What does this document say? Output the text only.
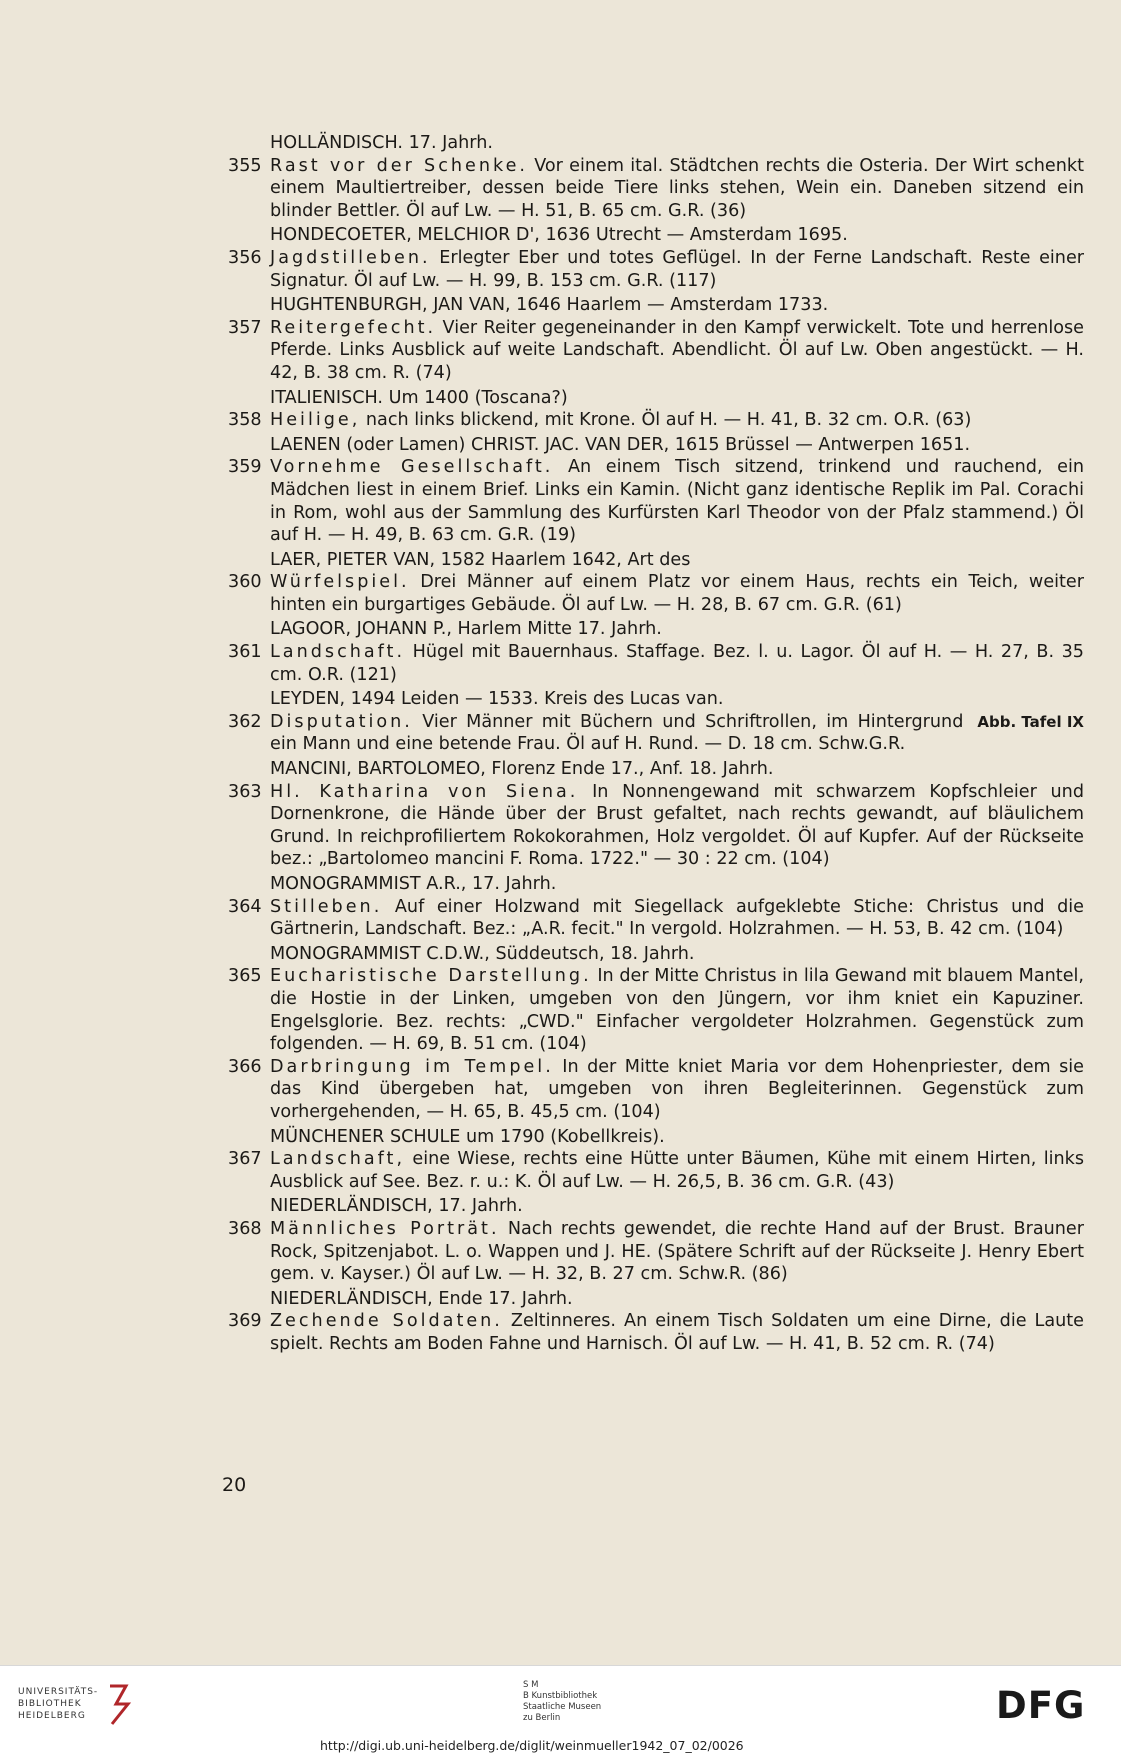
HOLLÄNDISCH. 17. Jahrh.
355 Rast vor der Schenke. Vor einem ital. Städtchen rechts die Osteria. Der Wirt schenkt einem Maultiertreiber, dessen beide Tiere links stehen, Wein ein. Daneben sitzend ein blinder Bettler. Öl auf Lw. — H. 51, B. 65 cm. G.R. (36)
HONDECOETER, MELCHIOR D', 1636 Utrecht — Amsterdam 1695.
356 Jagdstilleben. Erlegter Eber und totes Geflügel. In der Ferne Landschaft. Reste einer Signatur. Öl auf Lw. — H. 99, B. 153 cm. G.R. (117)
HUGHTENBURGH, JAN VAN, 1646 Haarlem — Amsterdam 1733.
357 Reitergefecht. Vier Reiter gegeneinander in den Kampf verwickelt. Tote und herrenlose Pferde. Links Ausblick auf weite Landschaft. Abendlicht. Öl auf Lw. Oben angestückt. — H. 42, B. 38 cm. R. (74)
ITALIENISCH. Um 1400 (Toscana?)
358 Heilige, nach links blickend, mit Krone. Öl auf H. — H. 41, B. 32 cm. O.R. (63)
LAENEN (oder Lamen) CHRIST. JAC. VAN DER, 1615 Brüssel — Antwerpen 1651.
359 Vornehme Gesellschaft. An einem Tisch sitzend, trinkend und rauchend, ein Mädchen liest in einem Brief. Links ein Kamin. (Nicht ganz identische Replik im Pal. Corachi in Rom, wohl aus der Sammlung des Kurfürsten Karl Theodor von der Pfalz stammend.) Öl auf H. — H. 49, B. 63 cm. G.R. (19)
LAER, PIETER VAN, 1582 Haarlem 1642, Art des
360 Würfelspiel. Drei Männer auf einem Platz vor einem Haus, rechts ein Teich, weiter hinten ein burgartiges Gebäude. Öl auf Lw. — H. 28, B. 67 cm. G.R. (61)
LAGOOR, JOHANN P., Harlem Mitte 17. Jahrh.
361 Landschaft. Hügel mit Bauernhaus. Staffage. Bez. l. u. Lagor. Öl auf H. — H. 27, B. 35 cm. O.R. (121)
LEYDEN, 1494 Leiden — 1533. Kreis des Lucas van.
362	Abb. Tafel IX
Disputation. Vier Männer mit Büchern und Schriftrollen, im Hintergrund ein Mann und eine betende Frau. Öl auf H. Rund. — D. 18 cm. Schw.G.R.
MANCINI, BARTOLOMEO, Florenz Ende 17., Anf. 18. Jahrh.
363 Hl. Katharina von Siena. In Nonnengewand mit schwarzem Kopfschleier und Dornenkrone, die Hände über der Brust gefaltet, nach rechts gewandt, auf bläulichem Grund. In reichprofiliertem Rokokorahmen, Holz vergoldet. Öl auf Kupfer. Auf der Rückseite bez.: „Bartolomeo mancini F. Roma. 1722." — 30 : 22 cm. (104)
MONOGRAMMIST A.R., 17. Jahrh.
364 Stilleben. Auf einer Holzwand mit Siegellack aufgeklebte Stiche: Christus und die Gärtnerin, Landschaft. Bez.: „A.R. fecit." In vergold. Holzrahmen. — H. 53, B. 42 cm. (104)
MONOGRAMMIST C.D.W., Süddeutsch, 18. Jahrh.
365 Eucharistische Darstellung. In der Mitte Christus in lila Gewand mit blauem Mantel, die Hostie in der Linken, umgeben von den Jüngern, vor ihm kniet ein Kapuziner. Engelsglorie. Bez. rechts: „CWD." Einfacher vergoldeter Holzrahmen. Gegenstück zum folgenden. — H. 69, B. 51 cm. (104)
366 Darbringung im Tempel. In der Mitte kniet Maria vor dem Hohenpriester, dem sie das Kind übergeben hat, umgeben von ihren Begleiterinnen. Gegenstück zum vorhergehenden, — H. 65, B. 45,5 cm. (104)
MÜNCHENER SCHULE um 1790 (Kobellkreis).
367 Landschaft, eine Wiese, rechts eine Hütte unter Bäumen, Kühe mit einem Hirten, links Ausblick auf See. Bez. r. u.: K. Öl auf Lw. — H. 26,5, B. 36 cm. G.R. (43)
NIEDERLÄNDISCH, 17. Jahrh.
368 Männliches Porträt. Nach rechts gewendet, die rechte Hand auf der Brust. Brauner Rock, Spitzenjabot. L. o. Wappen und J. HE. (Spätere Schrift auf der Rückseite J. Henry Ebert gem. v. Kayser.) Öl auf Lw. — H. 32, B. 27 cm. Schw.R. (86)
NIEDERLÄNDISCH, Ende 17. Jahrh.
369 Zechende Soldaten. Zeltinneres. An einem Tisch Soldaten um eine Dirne, die Laute spielt. Rechts am Boden Fahne und Harnisch. Öl auf Lw. — H. 41, B. 52 cm. R. (74)
20
UNIVERSITÄTS-
BIBLIOTHEK
HEIDELBERG
S M
B Kunstbibliothek
Staatliche Museen
zu Berlin	DFG
http://digi.ub.uni-heidelberg.de/diglit/weinmueller1942_07_02/0026
